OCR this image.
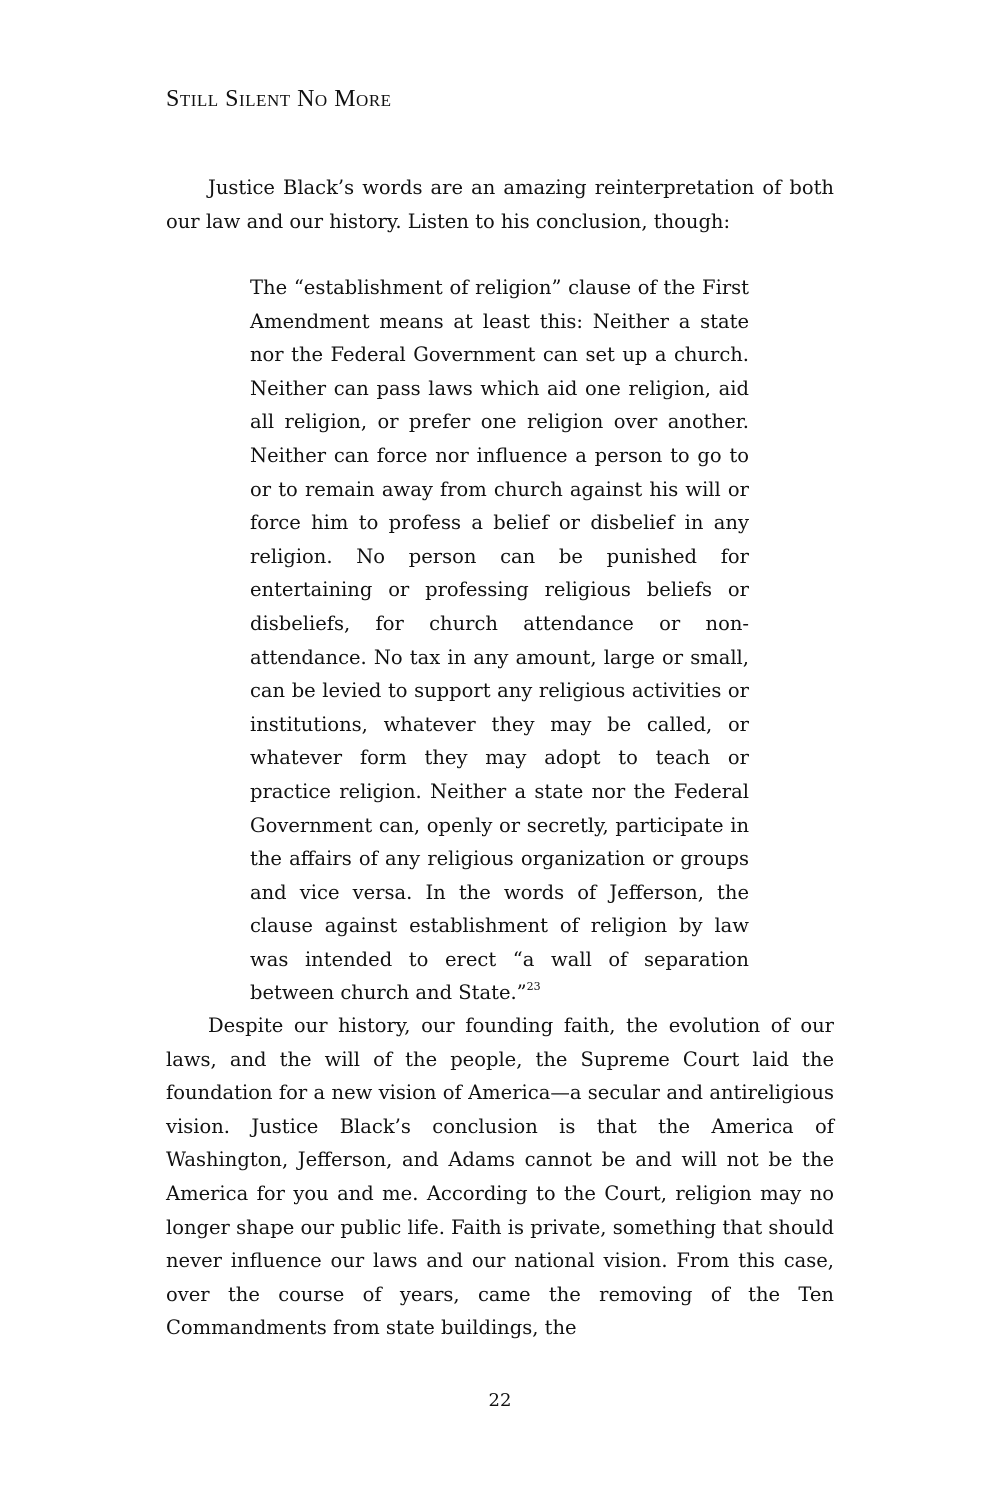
Still Silent No More

Justice Black’s words are an amazing reinterpretation of both our law and our history. Listen to his conclusion, though:

The “establishment of religion” clause of the First Amendment means at least this: Neither a state nor the Federal Government can set up a church. Neither can pass laws which aid one religion, aid all religion, or prefer one religion over another. Neither can force nor influence a person to go to or to remain away from church against his will or force him to profess a belief or disbelief in any religion. No person can be punished for entertaining or professing religious beliefs or disbeliefs, for church attendance or non-attendance. No tax in any amount, large or small, can be levied to support any religious activities or institutions, whatever they may be called, or whatever form they may adopt to teach or practice religion. Neither a state nor the Federal Government can, openly or secretly, participate in the affairs of any religious organization or groups and vice versa. In the words of Jefferson, the clause against establishment of religion by law was intended to erect “a wall of separation between church and State.”$^{23}$

Despite our history, our founding faith, the evolution of our laws, and the will of the people, the Supreme Court laid the foundation for a new vision of America—a secular and antireligious vision. Justice Black’s conclusion is that the America of Washington, Jefferson, and Adams cannot be and will not be the America for you and me. According to the Court, religion may no longer shape our public life. Faith is private, something that should never influence our laws and our national vision. From this case, over the course of years, came the removing of the Ten Commandments from state buildings, the

22
